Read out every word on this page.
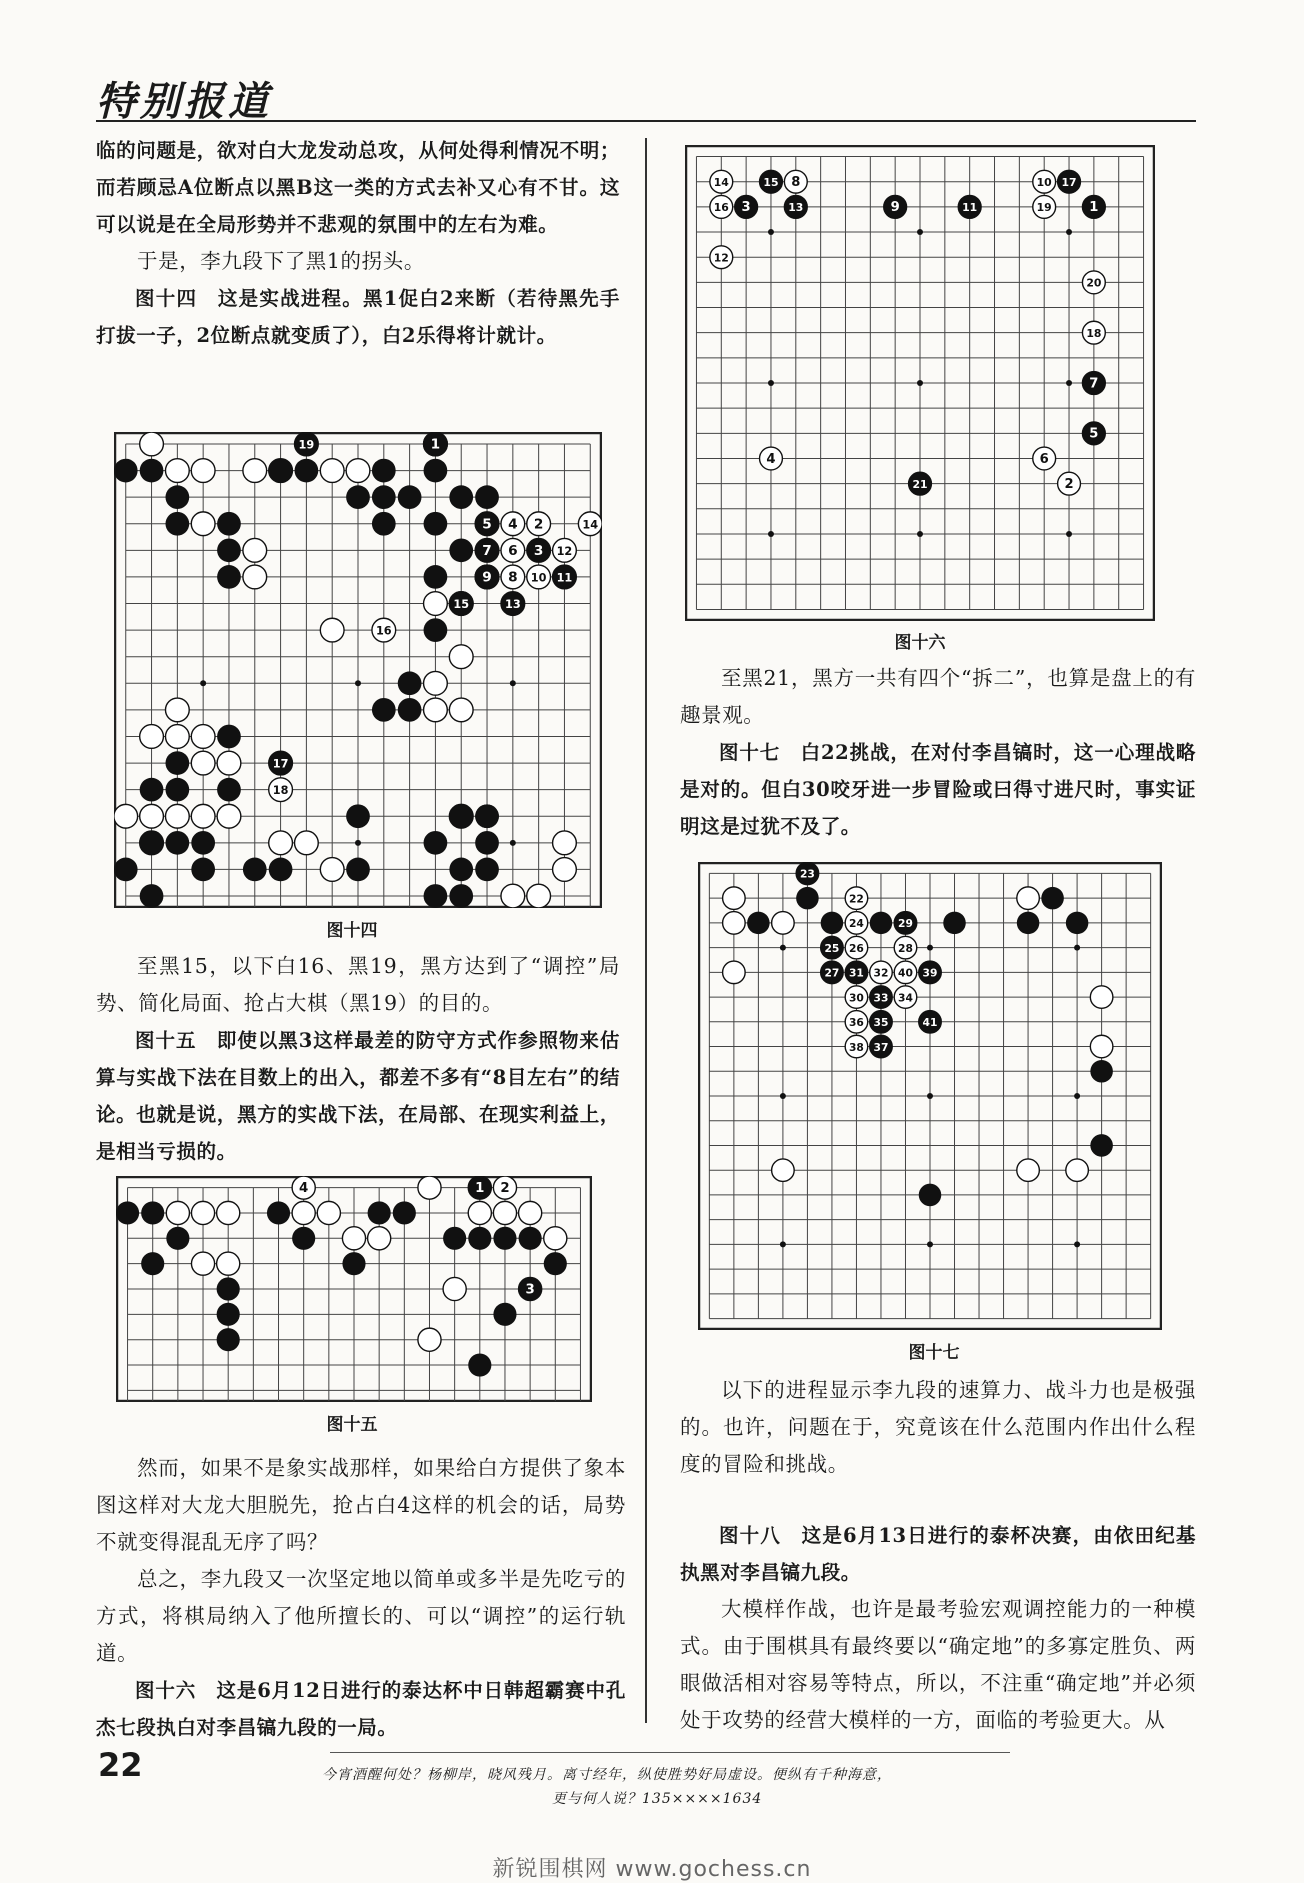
特别报道

临的问题是，欲对白大龙发动总攻，从何处得利情况不明；而若顾忌A位断点以黑B这一类的方式去补又心有不甘。这可以说是在全局形势并不悲观的氛围中的左右为难。

于是，李九段下了黑1的拐头。

图十四　这是实战进程。黑1促白2来断（若待黑先手打拔一子，2位断点就变质了），白2乐得将计就计。

19	1
5 4 2	14
7 6 3 12
9 8 10 11
15	13
16
17
18
图十四

至黑15，以下白16、黑19，黑方达到了“调控”局势、简化局面、抢占大棋（黑19）的目的。

图十五　即使以黑3这样最差的防守方式作参照物来估算与实战下法在目数上的出入，都差不多有“8目左右”的结论。也就是说，黑方的实战下法，在局部、在现实利益上，是相当亏损的。

4	1 2
3
图十五

然而，如果不是象实战那样，如果给白方提供了象本图这样对大龙大胆脱先，抢占白4这样的机会的话，局势不就变得混乱无序了吗？

总之，李九段又一次坚定地以简单或多半是先吃亏的方式，将棋局纳入了他所擅长的、可以“调控”的运行轨道。

图十六　这是6月12日进行的泰达杯中日韩超霸赛中孔杰七段执白对李昌镐九段的一局。

14	15 8
16 3	13	9	11
10 17
19	1
12
20
18
7
5
4	6
2
21
图十六

至黑21，黑方一共有四个“拆二”，也算是盘上的有趣景观。

图十七　白22挑战，在对付李昌镐时，这一心理战略是对的。但白30咬牙进一步冒险或曰得寸进尺时，事实证明这是过犹不及了。

23
22
24	29
25 26	28
27 31 32 40 39
30 33 34
36 35	41
38 37
图十七

以下的进程显示李九段的速算力、战斗力也是极强的。也许，问题在于，究竟该在什么范围内作出什么程度的冒险和挑战。

图十八　这是6月13日进行的泰杯决赛，由依田纪基执黑对李昌镐九段。

大模样作战，也许是最考验宏观调控能力的一种模式。由于围棋具有最终要以“确定地”的多寡定胜负、两眼做活相对容易等特点，所以，不注重“确定地”并必须处于攻势的经营大模样的一方，面临的考验更大。从

22	今宵酒醒何处？杨柳岸，晓风残月。离寸经年，纵使胜势好局虚设。便纵有千种海意，
更与何人说？135××××1634
新锐围棋网 www.gochess.cn
